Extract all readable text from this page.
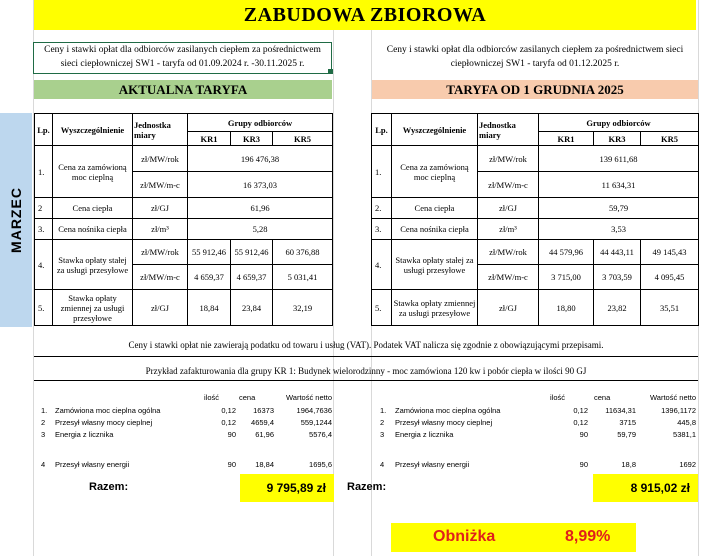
ZABUDOWA ZBIOROWA
Ceny i stawki opłat dla odbiorców zasilanych ciepłem za pośrednictwem
sieci ciepłowniczej SW1 - taryfa od 01.09.2024 r. -30.11.2025 r.
Ceny i stawki opłat dla odbiorców zasilanych ciepłem za pośrednictwem sieci
ciepłowniczej SW1 - taryfa od 01.12.2025 r.
AKTUALNA TARYFA	TARYFA OD 1 GRUDNIA 2025
MARZEC
Lp.	Wyszczególnienie	Jednostka miary	Grupy odbiorców		
			KR1	KR3	KR5
1.	Cena za zamówioną moc cieplną	zł/MW/rok	196 476,38		
		zł/MW/m-c	16 373,03		
2	Cena ciepła	zł/GJ	61,96		
3.	Cena nośnika ciepła	zł/m³	5,28		
4.	Stawka opłaty stałej za usługi przesyłowe	zł/MW/rok	55 912,46	55 912,46	60 376,88
		zł/MW/m-c	4 659,37	4 659,37	5 031,41
5.	Stawka opłaty zmiennej za usługi przesyłowe	zł/GJ	18,84	23,84	32,19
Lp.	Wyszczególnienie	Jednostka miary	Grupy odbiorców		
			KR1	KR3	KR5
1.	Cena za zamówioną moc cieplną	zł/MW/rok	139 611,68		
		zł/MW/m-c	11 634,31		
2.	Cena ciepła	zł/GJ	59,79		
3.	Cena nośnika ciepła	zł/m³	3,53		
4.	Stawka opłaty stałej za usługi przesyłowe	zł/MW/rok	44 579,96	44 443,11	49 145,43
		zł/MW/m-c	3 715,00	3 703,59	4 095,45
5.	Stawka opłaty zmiennej za usługi przesyłowe	zł/GJ	18,80	23,82	35,51
Ceny i stawki opłat nie zawierają podatku od towaru i usług (VAT). Podatek VAT nalicza się zgodnie z obowiązującymi przepisami.
Przykład zafakturowania dla grupy KR 1: Budynek wielorodzinny - moc zamówiona 120 kw i pobór ciepła w ilości 90 GJ
ilość	cena	Wartość netto
1. Zamówiona moc cieplna ogólna	0,12	16373	1964,7636
2 Przesył własny mocy cieplnej	0,12	4659,4	559,1244
3 Energia z licznika	90	61,96	5576,4
4 Przesył własny energii	90	18,84	1695,6
ilość	cena	Wartość netto
1. Zamówiona moc cieplna ogólna	0,12	11634,31	1396,1172
2 Przesył własny mocy cieplnej	0,12	3715	445,8
3 Energia z licznika	90	59,79	5381,1
4 Przesył własny energii	90	18,8	1692
Razem:	9 795,89 zł	Razem:	8 915,02 zł
Obniżka	8,99%
